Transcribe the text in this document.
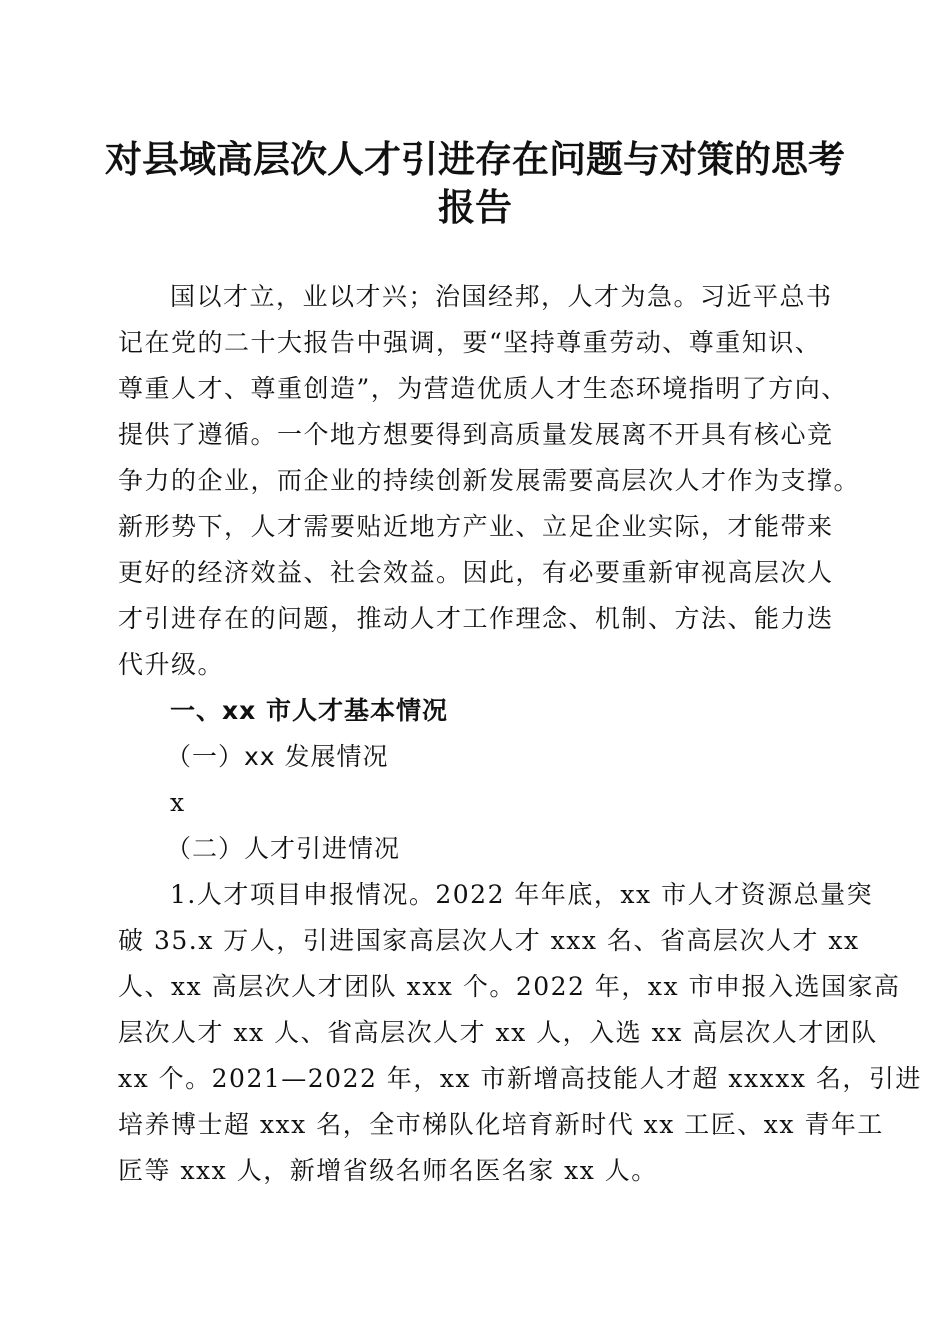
对县域高层次人才引进存在问题与对策的思考
报告
国以才立，业以才兴；治国经邦，人才为急。习近平总书
记在党的二十大报告中强调，要“坚持尊重劳动、尊重知识、
尊重人才、尊重创造”，为营造优质人才生态环境指明了方向、
提供了遵循。一个地方想要得到高质量发展离不开具有核心竞
争力的企业，而企业的持续创新发展需要高层次人才作为支撑。
新形势下，人才需要贴近地方产业、立足企业实际，才能带来
更好的经济效益、社会效益。因此，有必要重新审视高层次人
才引进存在的问题，推动人才工作理念、机制、方法、能力迭
代升级。
一、xx 市人才基本情况
（一）xx 发展情况
x
（二）人才引进情况
1.人才项目申报情况。2022 年年底，xx 市人才资源总量突
破 35.x 万人，引进国家高层次人才 xxx 名、省高层次人才 xx
人、xx 高层次人才团队 xxx 个。2022 年，xx 市申报入选国家高
层次人才 xx 人、省高层次人才 xx 人，入选 xx 高层次人才团队
xx 个。2021—2022 年，xx 市新增高技能人才超 xxxxx 名，引进
培养博士超 xxx 名，全市梯队化培育新时代 xx 工匠、xx 青年工
匠等 xxx 人，新增省级名师名医名家 xx 人。
